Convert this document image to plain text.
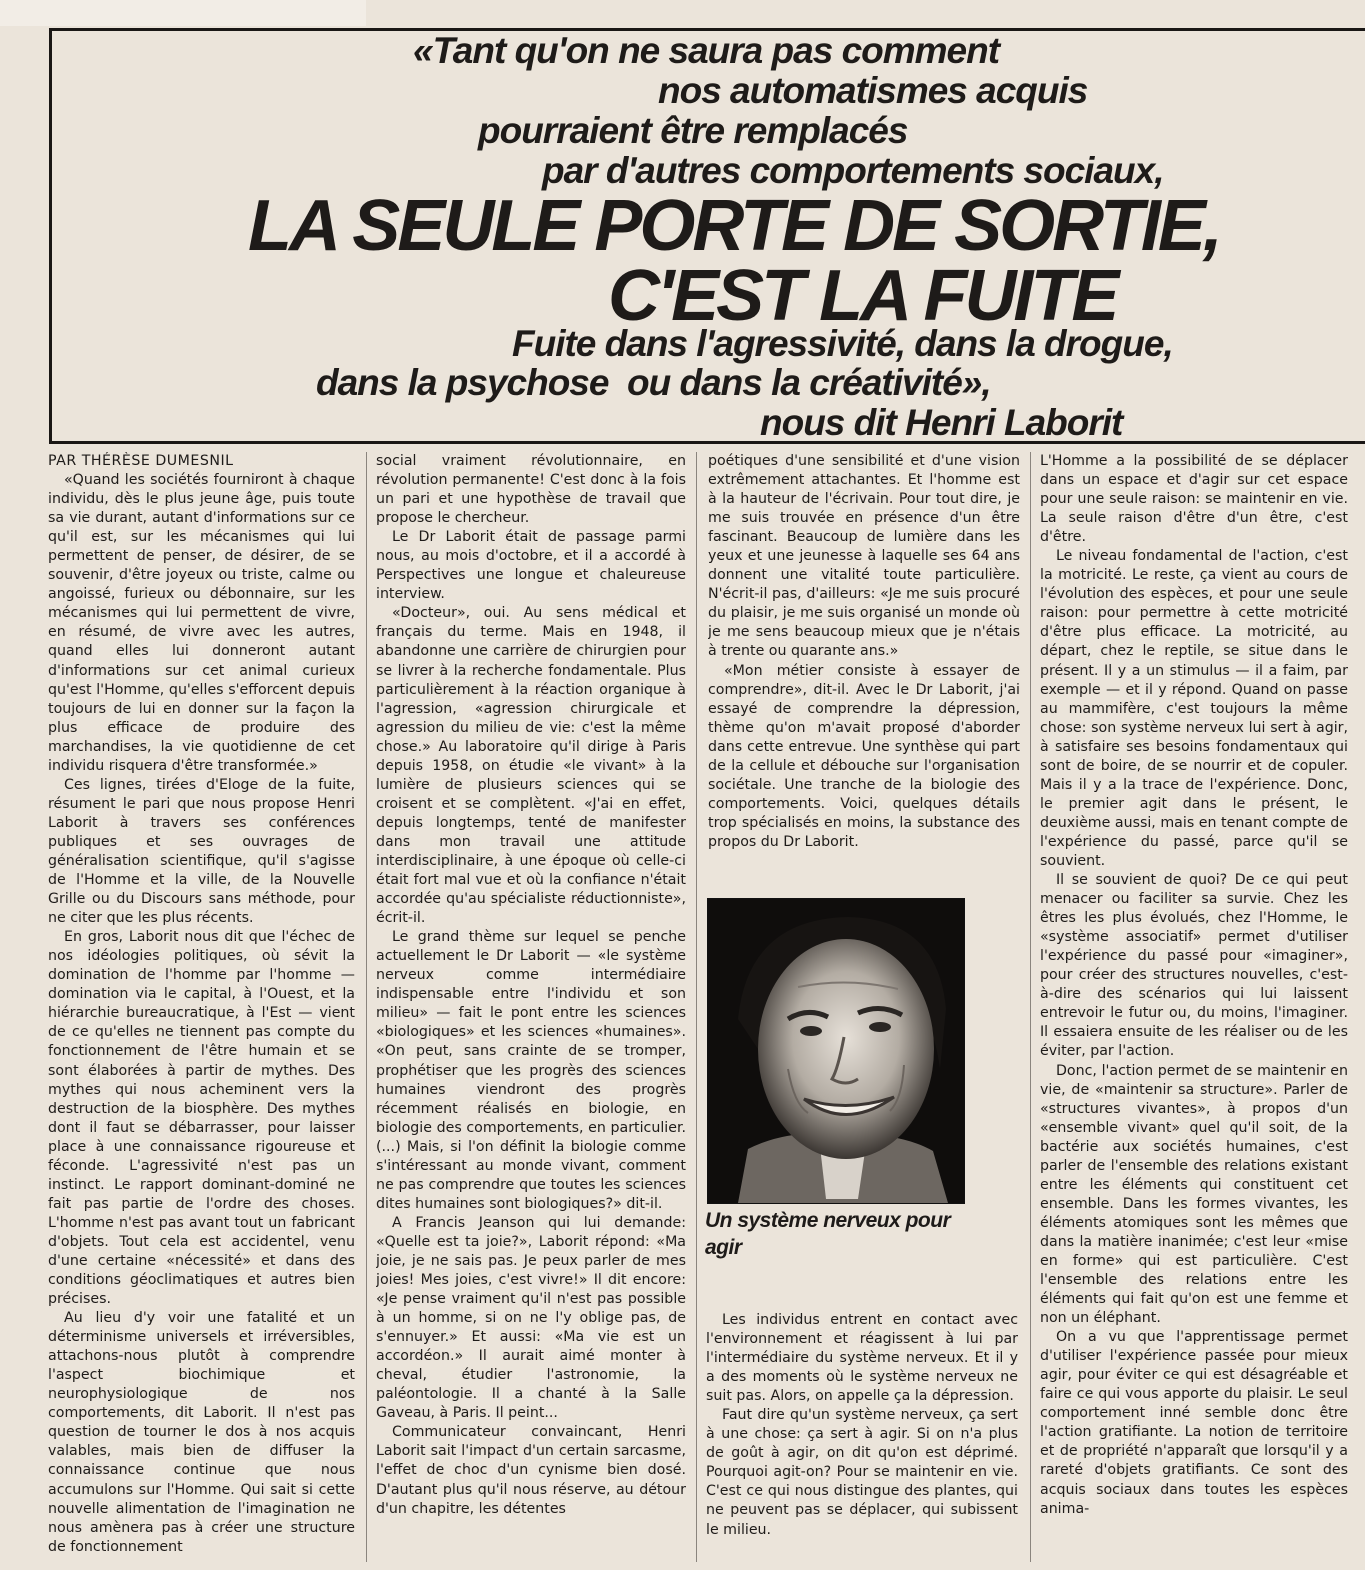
«Tant qu'on ne saura pas comment

nos automatismes acquis

pourraient être remplacés

par d'autres comportements sociaux,

LA SEULE PORTE DE SORTIE,

C'EST LA FUITE

Fuite dans l'agressivité, dans la drogue,

dans la psychose  ou dans la créativité»,

nous dit Henri Laborit

PAR THÉRÈSE DUMESNIL

«Quand les sociétés fourniront à chaque individu, dès le plus jeune âge, puis toute sa vie durant, autant d'informations sur ce qu'il est, sur les mécanismes qui lui permettent de penser, de désirer, de se souvenir, d'être joyeux ou triste, calme ou angoissé, furieux ou débonnaire, sur les mécanismes qui lui permettent de vivre, en résumé, de vivre avec les autres, quand elles lui donneront autant d'informations sur cet animal curieux qu'est l'Homme, qu'elles s'efforcent depuis toujours de lui en donner sur la façon la plus efficace de produire des marchandises, la vie quotidienne de cet individu risquera d'être transformée.»

Ces lignes, tirées d'Eloge de la fuite, résument le pari que nous propose Henri Laborit à travers ses conférences publiques et ses ouvrages de généralisation scientifique, qu'il s'agisse de l'Homme et la ville, de la Nouvelle Grille ou du Discours sans méthode, pour ne citer que les plus récents.

En gros, Laborit nous dit que l'échec de nos idéologies politiques, où sévit la domination de l'homme par l'homme — domination via le capital, à l'Ouest, et la hiérarchie bureaucratique, à l'Est — vient de ce qu'elles ne tiennent pas compte du fonctionnement de l'être humain et se sont élaborées à partir de mythes. Des mythes qui nous acheminent vers la destruction de la biosphère. Des mythes dont il faut se débarrasser, pour laisser place à une connaissance rigoureuse et féconde. L'agressivité n'est pas un instinct. Le rapport dominant-dominé ne fait pas partie de l'ordre des choses. L'homme n'est pas avant tout un fabricant d'objets. Tout cela est accidentel, venu d'une certaine «nécessité» et dans des conditions géoclimatiques et autres bien précises.

Au lieu d'y voir une fatalité et un déterminisme universels et irréversibles, attachons-nous plutôt à comprendre l'aspect biochimique et neurophysiologique de nos comportements, dit Laborit. Il n'est pas question de tourner le dos à nos acquis valables, mais bien de diffuser la connaissance continue que nous accumulons sur l'Homme. Qui sait si cette nouvelle alimentation de l'imagination ne nous amènera pas à créer une structure de fonctionnement

social vraiment révolutionnaire, en révolution permanente! C'est donc à la fois un pari et une hypothèse de travail que propose le chercheur.

Le Dr Laborit était de passage parmi nous, au mois d'octobre, et il a accordé à Perspectives une longue et chaleureuse interview.

«Docteur», oui. Au sens médical et français du terme. Mais en 1948, il abandonne une carrière de chirurgien pour se livrer à la recherche fondamentale. Plus particulièrement à la réaction organique à l'agression, «agression chirurgicale et agression du milieu de vie: c'est la même chose.» Au laboratoire qu'il dirige à Paris depuis 1958, on étudie «le vivant» à la lumière de plusieurs sciences qui se croisent et se complètent. «J'ai en effet, depuis longtemps, tenté de manifester dans mon travail une attitude interdisciplinaire, à une époque où celle-ci était fort mal vue et où la confiance n'était accordée qu'au spécialiste réductionniste», écrit-il.

Le grand thème sur lequel se penche actuellement le Dr Laborit — «le système nerveux comme intermédiaire indispensable entre l'individu et son milieu» — fait le pont entre les sciences «biologiques» et les sciences «humaines». «On peut, sans crainte de se tromper, prophétiser que les progrès des sciences humaines viendront des progrès récemment réalisés en biologie, en biologie des comportements, en particulier. (...) Mais, si l'on définit la biologie comme s'intéressant au monde vivant, comment ne pas comprendre que toutes les sciences dites humaines sont biologiques?» dit-il.

A Francis Jeanson qui lui demande: «Quelle est ta joie?», Laborit répond: «Ma joie, je ne sais pas. Je peux parler de mes joies! Mes joies, c'est vivre!» Il dit encore: «Je pense vraiment qu'il n'est pas possible à un homme, si on ne l'y oblige pas, de s'ennuyer.» Et aussi: «Ma vie est un accordéon.» Il aurait aimé monter à cheval, étudier l'astronomie, la paléontologie. Il a chanté à la Salle Gaveau, à Paris. Il peint...

Communicateur convaincant, Henri Laborit sait l'impact d'un certain sarcasme, l'effet de choc d'un cynisme bien dosé. D'autant plus qu'il nous réserve, au détour d'un chapitre, les détentes

poétiques d'une sensibilité et d'une vision extrêmement attachantes. Et l'homme est à la hauteur de l'écrivain. Pour tout dire, je me suis trouvée en présence d'un être fascinant. Beaucoup de lumière dans les yeux et une jeunesse à laquelle ses 64 ans donnent une vitalité toute particulière. N'écrit-il pas, d'ailleurs: «Je me suis procuré du plaisir, je me suis organisé un monde où je me sens beaucoup mieux que je n'étais à trente ou quarante ans.»

«Mon métier consiste à essayer de comprendre», dit-il. Avec le Dr Laborit, j'ai essayé de comprendre la dépression, thème qu'on m'avait proposé d'aborder dans cette entrevue. Une synthèse qui part de la cellule et débouche sur l'organisation sociétale. Une tranche de la biologie des comportements. Voici, quelques détails trop spécialisés en moins, la substance des propos du Dr Laborit.

Un système nerveux pour agir

Les individus entrent en contact avec l'environnement et réagissent à lui par l'intermédiaire du système nerveux. Et il y a des moments où le système nerveux ne suit pas. Alors, on appelle ça la dépression.

Faut dire qu'un système nerveux, ça sert à une chose: ça sert à agir. Si on n'a plus de goût à agir, on dit qu'on est déprimé. Pourquoi agit-on? Pour se maintenir en vie. C'est ce qui nous distingue des plantes, qui ne peuvent pas se déplacer, qui subissent le milieu.

L'Homme a la possibilité de se déplacer dans un espace et d'agir sur cet espace pour une seule raison: se maintenir en vie. La seule raison d'être d'un être, c'est d'être.

Le niveau fondamental de l'action, c'est la motricité. Le reste, ça vient au cours de l'évolution des espèces, et pour une seule raison: pour permettre à cette motricité d'être plus efficace. La motricité, au départ, chez le reptile, se situe dans le présent. Il y a un stimulus — il a faim, par exemple — et il y répond. Quand on passe au mammifère, c'est toujours la même chose: son système nerveux lui sert à agir, à satisfaire ses besoins fondamentaux qui sont de boire, de se nourrir et de copuler. Mais il y a la trace de l'expérience. Donc, le premier agit dans le présent, le deuxième aussi, mais en tenant compte de l'expérience du passé, parce qu'il se souvient.

Il se souvient de quoi? De ce qui peut menacer ou faciliter sa survie. Chez les êtres les plus évolués, chez l'Homme, le «système associatif» permet d'utiliser l'expérience du passé pour «imaginer», pour créer des structures nouvelles, c'est-à-dire des scénarios qui lui laissent entrevoir le futur ou, du moins, l'imaginer. Il essaiera ensuite de les réaliser ou de les éviter, par l'action.

Donc, l'action permet de se maintenir en vie, de «maintenir sa structure». Parler de «structures vivantes», à propos d'un «ensemble vivant» quel qu'il soit, de la bactérie aux sociétés humaines, c'est parler de l'ensemble des relations existant entre les éléments qui constituent cet ensemble. Dans les formes vivantes, les éléments atomiques sont les mêmes que dans la matière inanimée; c'est leur «mise en forme» qui est particulière. C'est l'ensemble des relations entre les éléments qui fait qu'on est une femme et non un éléphant.

On a vu que l'apprentissage permet d'utiliser l'expérience passée pour mieux agir, pour éviter ce qui est désagréable et faire ce qui vous apporte du plaisir. Le seul comportement inné semble donc être l'action gratifiante. La notion de territoire et de propriété n'apparaît que lorsqu'il y a rareté d'objets gratifiants. Ce sont des acquis sociaux dans toutes les espèces anima-
